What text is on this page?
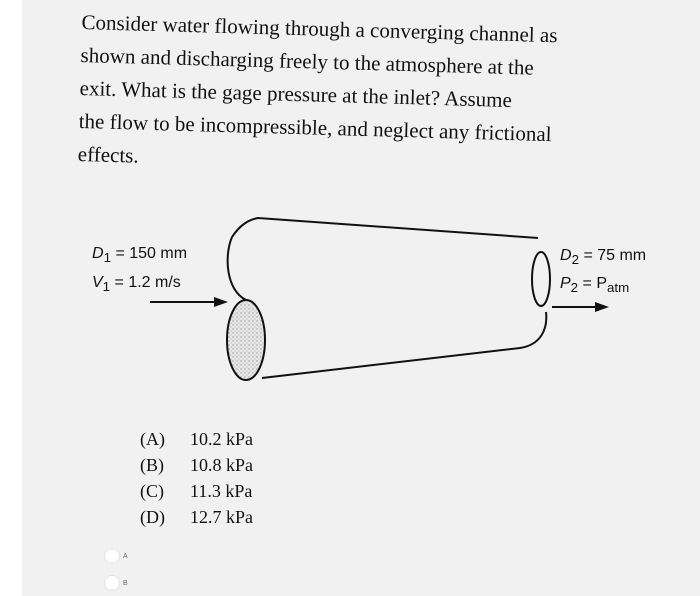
Consider water flowing through a converging channel as
shown and discharging freely to the atmosphere at the
exit. What is the gage pressure at the inlet? Assume
the flow to be incompressible, and neglect any frictional
effects.
$D_1 = 150$ mm
$V_1 = 1.2$ m/s
$D_2 = 75$ mm
$P_2 = P_{atm}$
(A) 10.2 kPa
(B) 10.8 kPa
(C) 11.3 kPa
(D) 12.7 kPa
A
B
